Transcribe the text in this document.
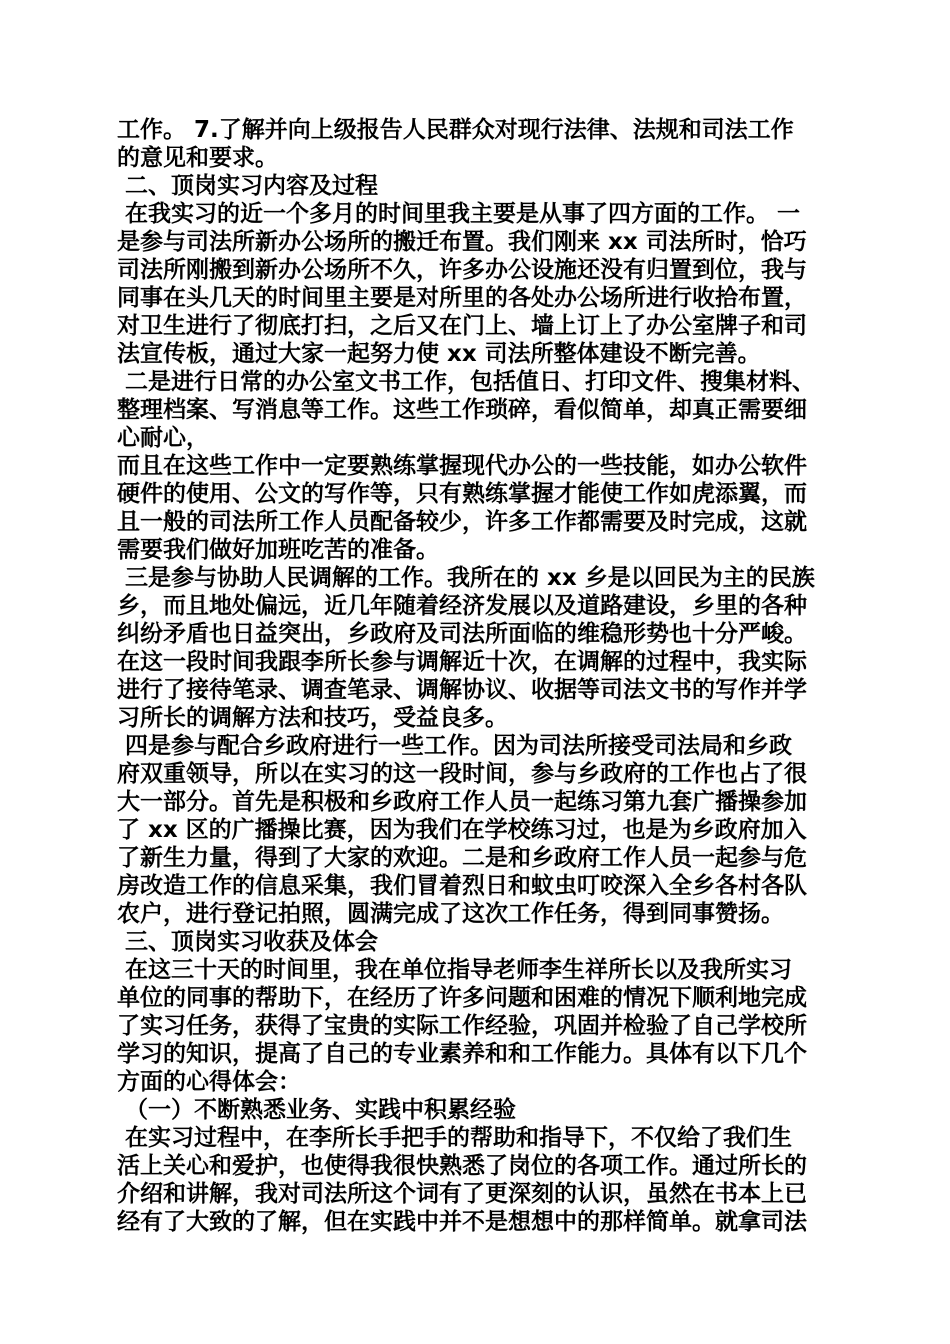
工作。 7.了解并向上级报告人民群众对现行法律、法规和司法工作
的意见和要求。
二、顶岗实习内容及过程
在我实习的近一个多月的时间里我主要是从事了四方面的工作。 一
是参与司法所新办公场所的搬迁布置。我们刚来 xx 司法所时，恰巧
司法所刚搬到新办公场所不久，许多办公设施还没有归置到位，我与
同事在头几天的时间里主要是对所里的各处办公场所进行收拾布置，
对卫生进行了彻底打扫，之后又在门上、墙上订上了办公室牌子和司
法宣传板，通过大家一起努力使 xx 司法所整体建设不断完善。
二是进行日常的办公室文书工作，包括值日、打印文件、搜集材料、
整理档案、写消息等工作。这些工作琐碎，看似简单，却真正需要细
心耐心，
而且在这些工作中一定要熟练掌握现代办公的一些技能，如办公软件
硬件的使用、公文的写作等，只有熟练掌握才能使工作如虎添翼，而
且一般的司法所工作人员配备较少，许多工作都需要及时完成，这就
需要我们做好加班吃苦的准备。
三是参与协助人民调解的工作。我所在的 xx 乡是以回民为主的民族
乡，而且地处偏远，近几年随着经济发展以及道路建设，乡里的各种
纠纷矛盾也日益突出，乡政府及司法所面临的维稳形势也十分严峻。
在这一段时间我跟李所长参与调解近十次，在调解的过程中，我实际
进行了接待笔录、调查笔录、调解协议、收据等司法文书的写作并学
习所长的调解方法和技巧，受益良多。
四是参与配合乡政府进行一些工作。因为司法所接受司法局和乡政
府双重领导，所以在实习的这一段时间，参与乡政府的工作也占了很
大一部分。首先是积极和乡政府工作人员一起练习第九套广播操参加
了 xx 区的广播操比赛，因为我们在学校练习过，也是为乡政府加入
了新生力量，得到了大家的欢迎。二是和乡政府工作人员一起参与危
房改造工作的信息采集，我们冒着烈日和蚊虫叮咬深入全乡各村各队
农户，进行登记拍照，圆满完成了这次工作任务，得到同事赞扬。
三、顶岗实习收获及体会
在这三十天的时间里，我在单位指导老师李生祥所长以及我所实习
单位的同事的帮助下，在经历了许多问题和困难的情况下顺利地完成
了实习任务，获得了宝贵的实际工作经验，巩固并检验了自己学校所
学习的知识，提高了自己的专业素养和和工作能力。具体有以下几个
方面的心得体会：
（一）不断熟悉业务、实践中积累经验
在实习过程中，在李所长手把手的帮助和指导下，不仅给了我们生
活上关心和爱护，也使得我很快熟悉了岗位的各项工作。通过所长的
介绍和讲解，我对司法所这个词有了更深刻的认识，虽然在书本上已
经有了大致的了解，但在实践中并不是想想中的那样简单。就拿司法
